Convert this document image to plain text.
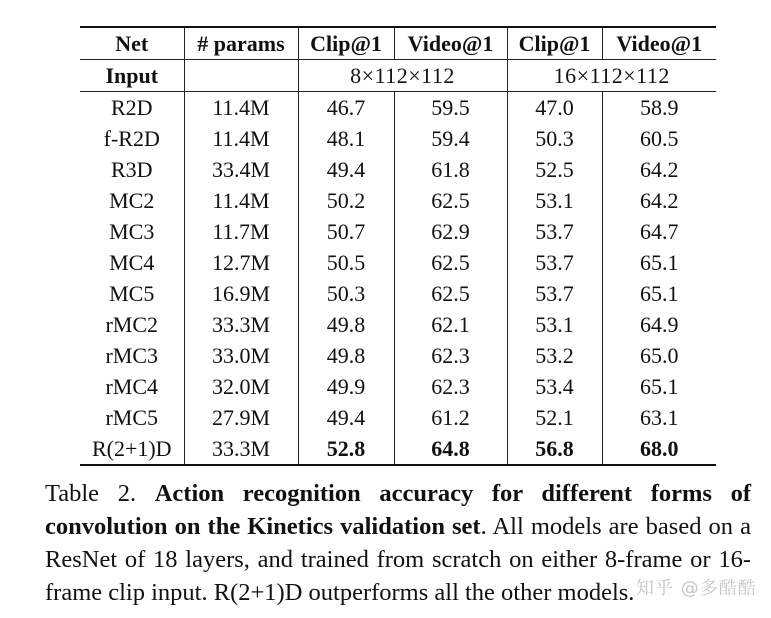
Net	# params	Clip@1	Video@1	Clip@1	Video@1
Input		8×112×112		16×112×112	
R2D	11.4M	46.7	59.5	47.0	58.9
f-R2D	11.4M	48.1	59.4	50.3	60.5
R3D	33.4M	49.4	61.8	52.5	64.2
MC2	11.4M	50.2	62.5	53.1	64.2
MC3	11.7M	50.7	62.9	53.7	64.7
MC4	12.7M	50.5	62.5	53.7	65.1
MC5	16.9M	50.3	62.5	53.7	65.1
rMC2	33.3M	49.8	62.1	53.1	64.9
rMC3	33.0M	49.8	62.3	53.2	65.0
rMC4	32.0M	49.9	62.3	53.4	65.1
rMC5	27.9M	49.4	61.2	52.1	63.1
R(2+1)D	33.3M	52.8	64.8	56.8	68.0
Table 2. Action recognition accuracy for different forms of convolution on the Kinetics validation set. All models are based on a ResNet of 18 layers, and trained from scratch on either 8-frame or 16-frame clip input. R(2+1)D outperforms all the other models. 知乎 @多酷酷
